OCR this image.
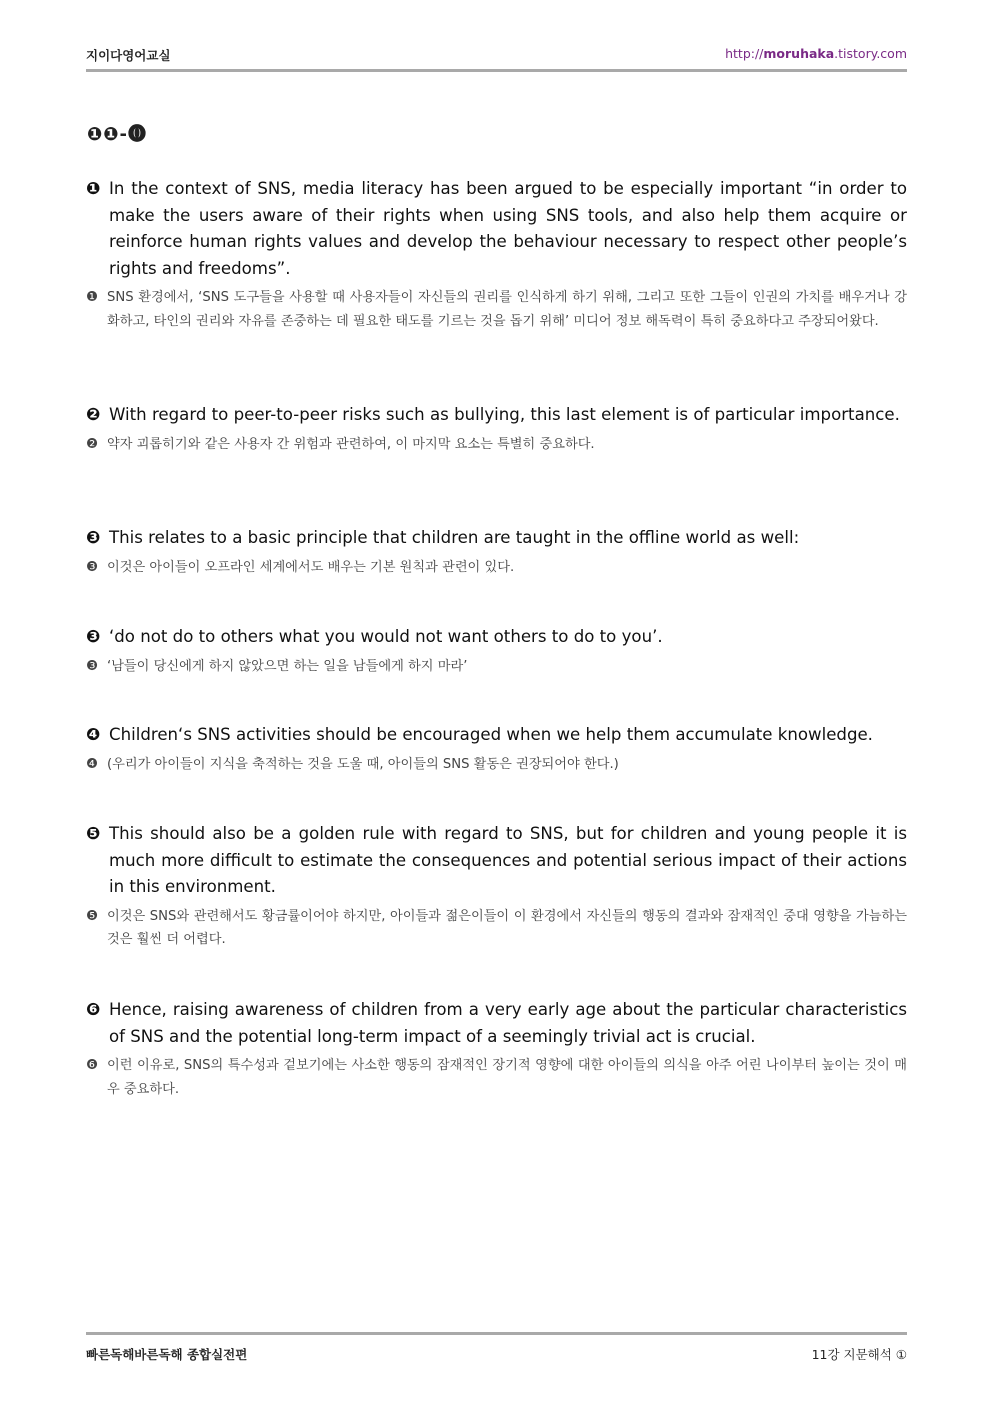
지이다영어교실	http://moruhaka.tistory.com
❶❶-⓿
❶ In the context of SNS, media literacy has been argued to be especially important “in order to make the users aware of their rights when using SNS tools, and also help them acquire or reinforce human rights values and develop the behaviour necessary to respect other people’s rights and freedoms”.
❶ SNS 환경에서, ‘SNS 도구들을 사용할 때 사용자들이 자신들의 권리를 인식하게 하기 위해, 그리고 또한 그들이 인권의 가치를 배우거나 강화하고, 타인의 권리와 자유를 존중하는 데 필요한 태도를 기르는 것을 돕기 위해’ 미디어 정보 해독력이 특히 중요하다고 주장되어왔다.
❷ With regard to peer-to-peer risks such as bullying, this last element is of particular importance.
❷ 약자 괴롭히기와 같은 사용자 간 위험과 관련하여, 이 마지막 요소는 특별히 중요하다.
❸ This relates to a basic principle that children are taught in the offline world as well:
❸ 이것은 아이들이 오프라인 세계에서도 배우는 기본 원칙과 관련이 있다.
❸ ‘do not do to others what you would not want others to do to you’.
❸ ‘남들이 당신에게 하지 않았으면 하는 일을 남들에게 하지 마라’
❹ Children‘s SNS activities should be encouraged when we help them accumulate knowledge.
❹ (우리가 아이들이 지식을 축적하는 것을 도울 때, 아이들의 SNS 활동은 권장되어야 한다.)
❺ This should also be a golden rule with regard to SNS, but for children and young people it is much more difficult to estimate the consequences and potential serious impact of their actions in this environment.
❺ 이것은 SNS와 관련해서도 황금률이어야 하지만, 아이들과 젊은이들이 이 환경에서 자신들의 행동의 결과와 잠재적인 중대 영향을 가늠하는 것은 훨씬 더 어렵다.
❻ Hence, raising awareness of children from a very early age about the particular characteristics of SNS and the potential long-term impact of a seemingly trivial act is crucial.
❻ 이런 이유로, SNS의 특수성과 겉보기에는 사소한 행동의 잠재적인 장기적 영향에 대한 아이들의 의식을 아주 어린 나이부터 높이는 것이 매우 중요하다.
빠른독해바른독해 종합실전편	11강 지문해석 ①
